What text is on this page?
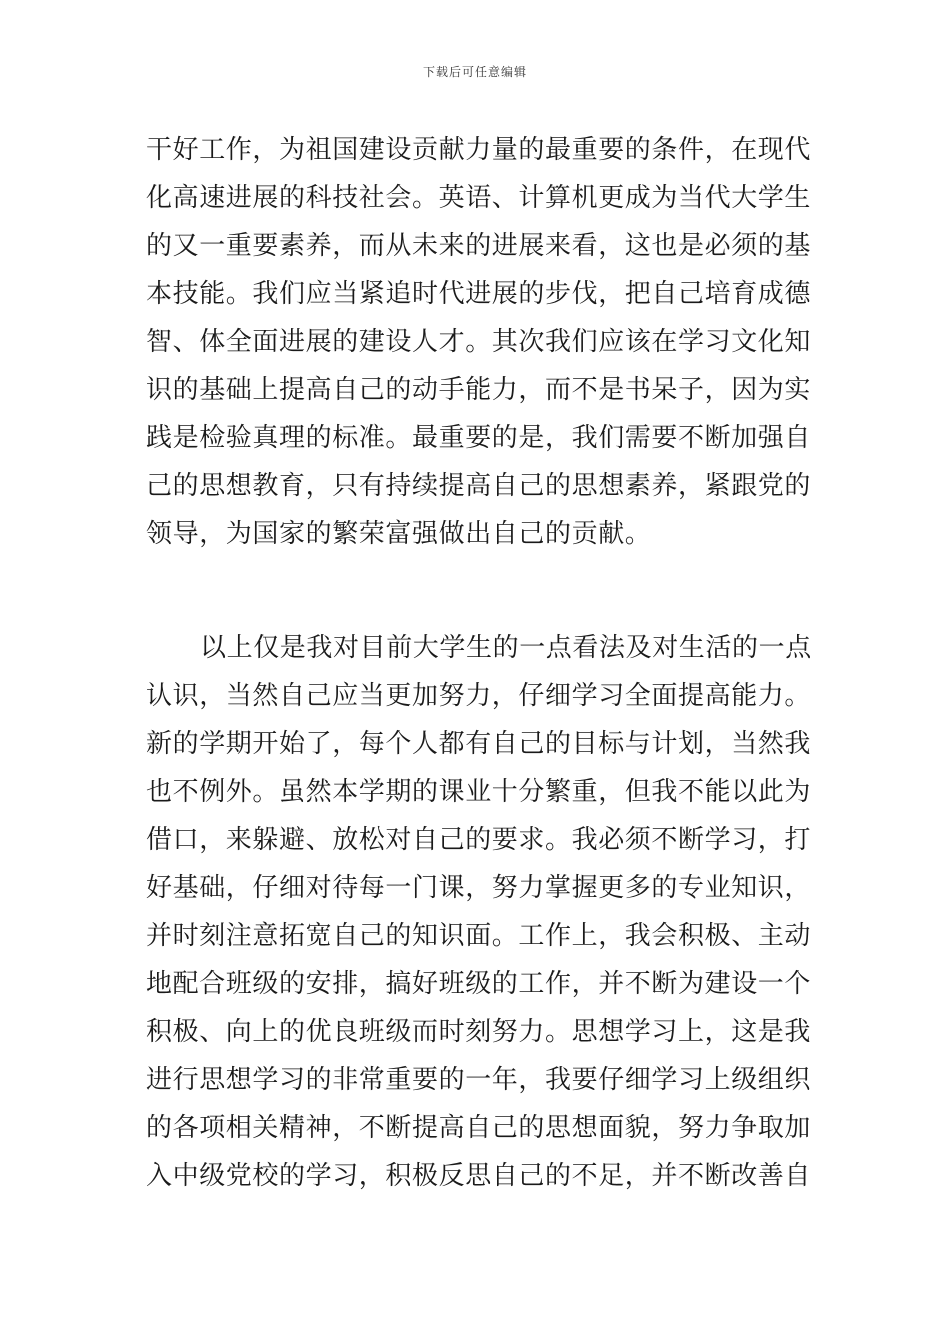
下载后可任意编辑
干好工作，为祖国建设贡献力量的最重要的条件，在现代
化高速进展的科技社会。英语、计算机更成为当代大学生
的又一重要素养，而从未来的进展来看，这也是必须的基
本技能。我们应当紧追时代进展的步伐，把自己培育成德
智、体全面进展的建设人才。其次我们应该在学习文化知
识的基础上提高自己的动手能力，而不是书呆子，因为实
践是检验真理的标准。最重要的是，我们需要不断加强自
己的思想教育，只有持续提高自己的思想素养，紧跟党的
领导，为国家的繁荣富强做出自己的贡献。
以上仅是我对目前大学生的一点看法及对生活的一点
认识，当然自己应当更加努力，仔细学习全面提高能力。
新的学期开始了，每个人都有自己的目标与计划，当然我
也不例外。虽然本学期的课业十分繁重，但我不能以此为
借口，来躲避、放松对自己的要求。我必须不断学习，打
好基础，仔细对待每一门课，努力掌握更多的专业知识，
并时刻注意拓宽自己的知识面。工作上，我会积极、主动
地配合班级的安排，搞好班级的工作，并不断为建设一个
积极、向上的优良班级而时刻努力。思想学习上，这是我
进行思想学习的非常重要的一年，我要仔细学习上级组织
的各项相关精神，不断提高自己的思想面貌，努力争取加
入中级党校的学习，积极反思自己的不足，并不断改善自
